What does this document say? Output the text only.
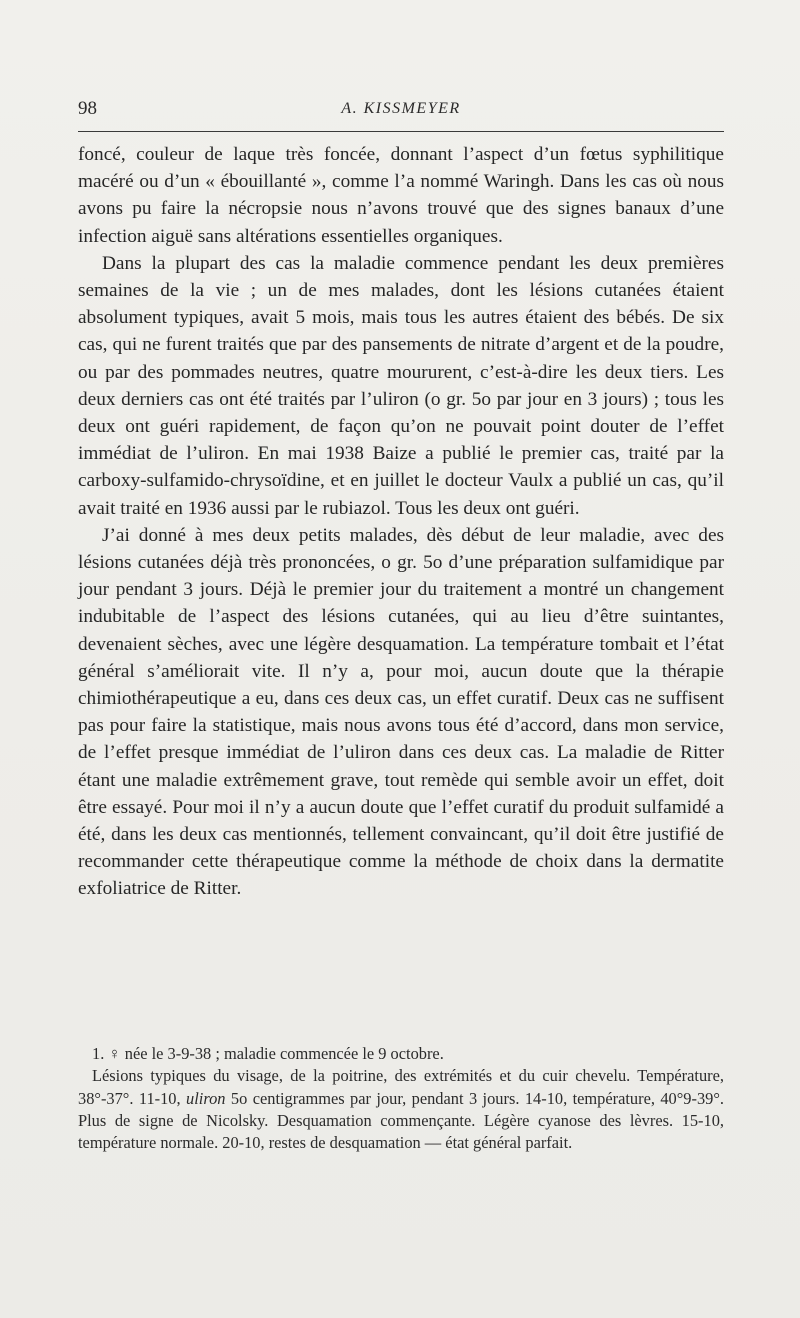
98	A. KISSMEYER

foncé, couleur de laque très foncée, donnant l’aspect d’un fœtus syphilitique macéré ou d’un « ébouillanté », comme l’a nommé Waringh. Dans les cas où nous avons pu faire la nécropsie nous n’avons trouvé que des signes banaux d’une infection aiguë sans altérations essentielles organiques.

Dans la plupart des cas la maladie commence pendant les deux premières semaines de la vie ; un de mes malades, dont les lésions cutanées étaient absolument typiques, avait 5 mois, mais tous les autres étaient des bébés. De six cas, qui ne furent traités que par des pansements de nitrate d’argent et de la poudre, ou par des pommades neutres, quatre moururent, c’est-à-dire les deux tiers. Les deux derniers cas ont été traités par l’uliron (o gr. 5o par jour en 3 jours) ; tous les deux ont guéri rapidement, de façon qu’on ne pouvait point douter de l’effet immédiat de l’uliron. En mai 1938 Baize a publié le premier cas, traité par la carboxy-sulfamido-chrysoïdine, et en juillet le docteur Vaulx a publié un cas, qu’il avait traité en 1936 aussi par le rubiazol. Tous les deux ont guéri.

J’ai donné à mes deux petits malades, dès début de leur maladie, avec des lésions cutanées déjà très prononcées, o gr. 5o d’une préparation sulfamidique par jour pendant 3 jours. Déjà le premier jour du traitement a montré un changement indubitable de l’aspect des lésions cutanées, qui au lieu d’être suintantes, devenaient sèches, avec une légère desquamation. La température tombait et l’état général s’améliorait vite. Il n’y a, pour moi, aucun doute que la thérapie chimiothérapeutique a eu, dans ces deux cas, un effet curatif. Deux cas ne suffisent pas pour faire la statistique, mais nous avons tous été d’accord, dans mon service, de l’effet presque immédiat de l’uliron dans ces deux cas. La maladie de Ritter étant une maladie extrêmement grave, tout remède qui semble avoir un effet, doit être essayé. Pour moi il n’y a aucun doute que l’effet curatif du produit sulfamidé a été, dans les deux cas mentionnés, tellement convaincant, qu’il doit être justifié de recommander cette thérapeutique comme la méthode de choix dans la dermatite exfoliatrice de Ritter.

1. ♀ née le 3-9-38 ; maladie commencée le 9 octobre.

Lésions typiques du visage, de la poitrine, des extrémités et du cuir chevelu. Température, 38°-37°. 11-10, uliron 5o centigrammes par jour, pendant 3 jours. 14-10, température, 40°9-39°. Plus de signe de Nicolsky. Desquamation commençante. Légère cyanose des lèvres. 15-10, température normale. 20-10, restes de desquamation — état général parfait.
